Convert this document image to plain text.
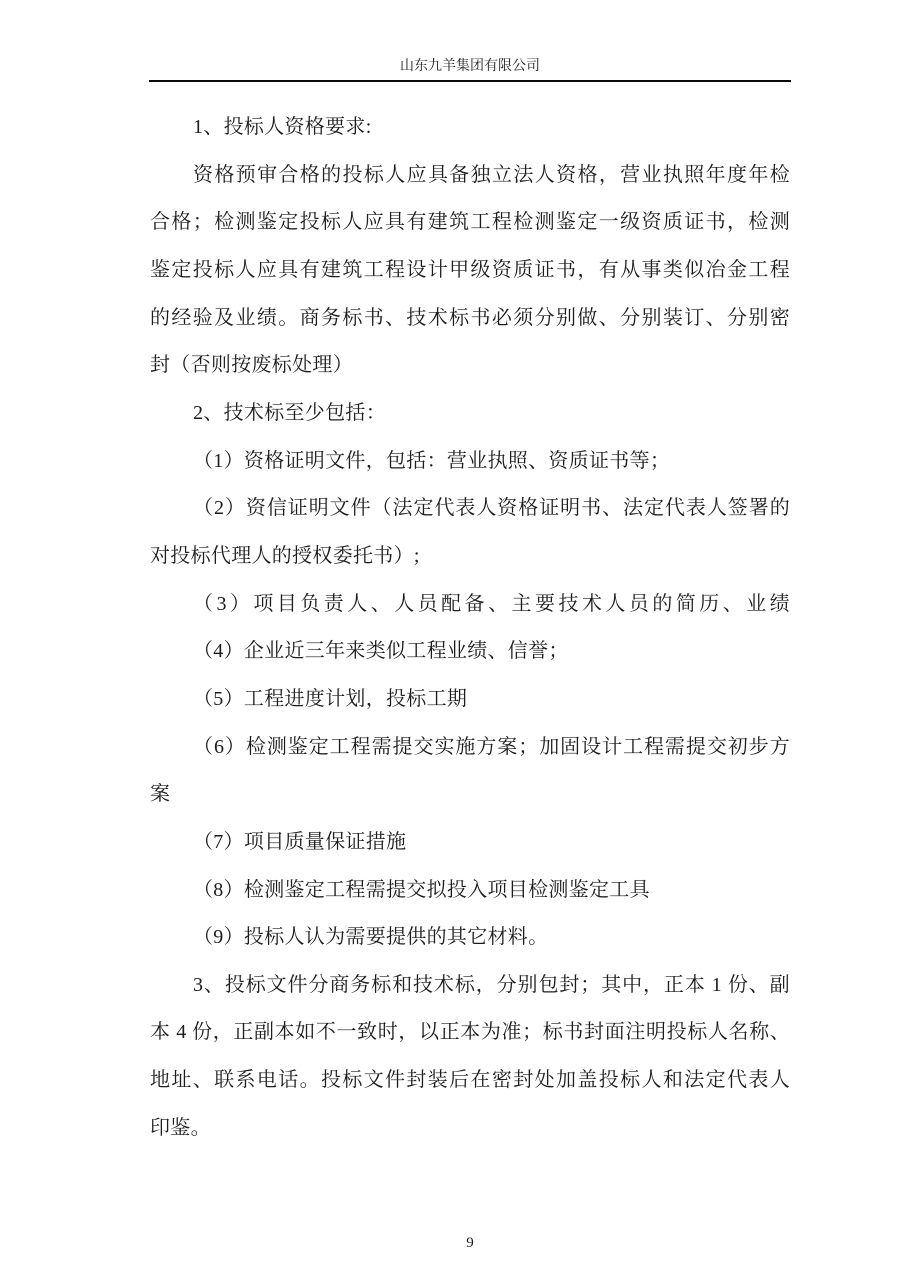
山东九羊集团有限公司
1、投标人资格要求:
资格预审合格的投标人应具备独立法人资格，营业执照年度年检
合格；检测鉴定投标人应具有建筑工程检测鉴定一级资质证书，检测
鉴定投标人应具有建筑工程设计甲级资质证书，有从事类似冶金工程
的经验及业绩。商务标书、技术标书必须分别做、分别装订、分别密
封（否则按废标处理）
2、技术标至少包括：
（1）资格证明文件，包括：营业执照、资质证书等；
（2）资信证明文件（法定代表人资格证明书、法定代表人签署的
对投标代理人的授权委托书）;
（3）项目负责人、人员配备、主要技术人员的简历、业绩
（4）企业近三年来类似工程业绩、信誉；
（5）工程进度计划，投标工期
（6）检测鉴定工程需提交实施方案；加固设计工程需提交初步方
案
（7）项目质量保证措施
（8）检测鉴定工程需提交拟投入项目检测鉴定工具
（9）投标人认为需要提供的其它材料。
3、投标文件分商务标和技术标，分别包封；其中，正本 1 份、副
本 4 份，正副本如不一致时，以正本为准；标书封面注明投标人名称、
地址、联系电话。投标文件封装后在密封处加盖投标人和法定代表人
印鉴。
9
